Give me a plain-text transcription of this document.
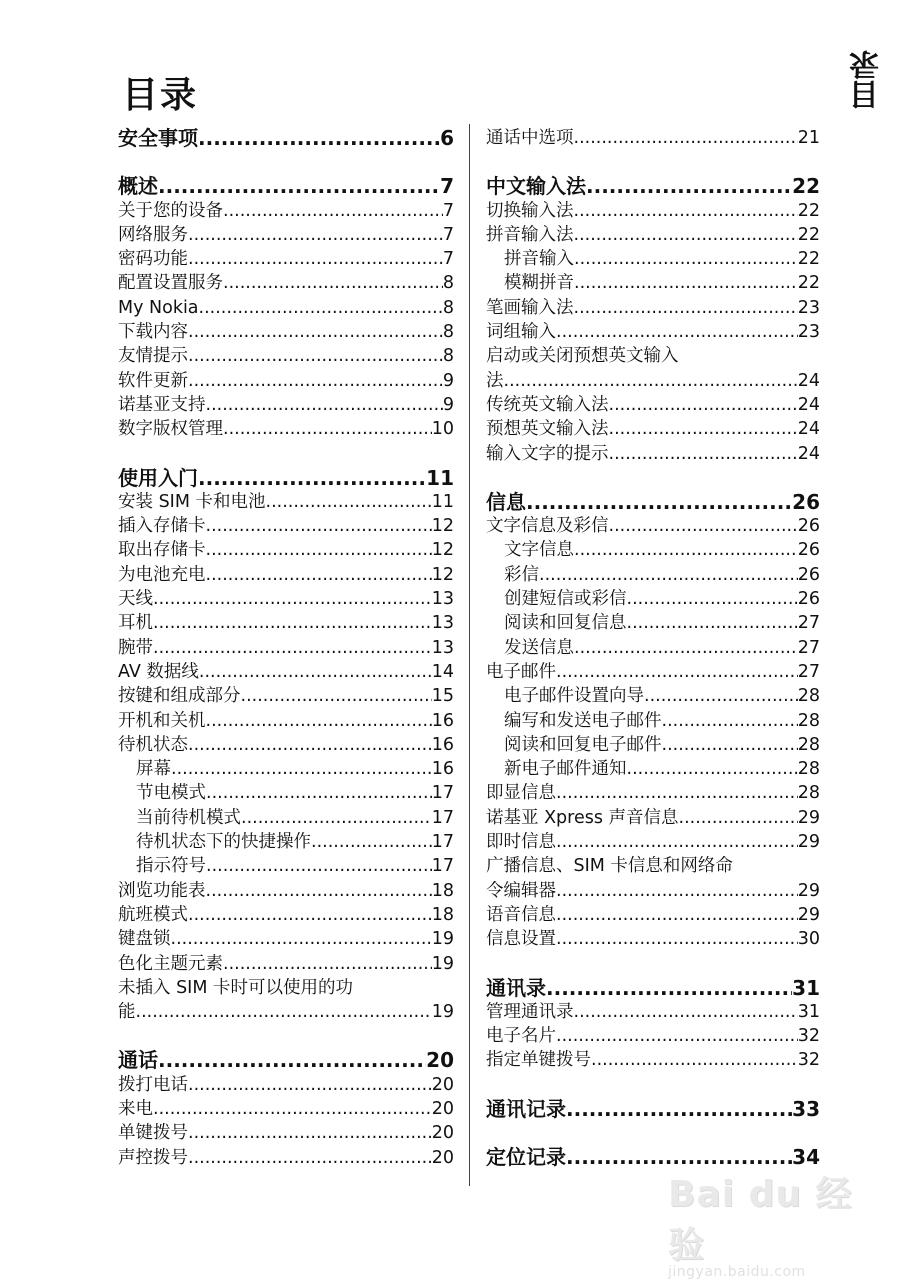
目录	目录
安全事项 .....	6
概述 .....	7
关于您的设备 .....	7
网络服务 .....	7
密码功能 .....	7
配置设置服务 .....	8
My Nokia .....	8
下载内容 .....	8
友情提示 .....	8
软件更新 .....	9
诺基亚支持 .....	9
数字版权管理 .....	10
使用入门 .....	11
安装 SIM 卡和电池 .....	11
插入存储卡 .....	12
取出存储卡 .....	12
为电池充电 .....	12
天线 .....	13
耳机 .....	13
腕带 .....	13
AV 数据线 .....	14
按键和组成部分 .....	15
开机和关机 .....	16
待机状态 .....	16
屏幕 .....	16
节电模式 .....	17
当前待机模式 .....	17
待机状态下的快捷操作 .....	17
指示符号 .....	17
浏览功能表 .....	18
航班模式 .....	18
键盘锁 .....	19
色化主题元素 .....	19
未插入 SIM 卡时可以使用的功
能 .....	19
通话 .....	20
拨打电话 .....	20
来电 .....	20
单键拨号 .....	20
声控拨号 .....	20
通话中选项 .....	21
中文输入法 .....	22
切换输入法 .....	22
拼音输入法 .....	22
拼音输入 .....	22
模糊拼音 .....	22
笔画输入法 .....	23
词组输入 .....	23
启动或关闭预想英文输入
法 .....	24
传统英文输入法 .....	24
预想英文输入法 .....	24
输入文字的提示 .....	24
信息 .....	26
文字信息及彩信 .....	26
文字信息 .....	26
彩信 .....	26
创建短信或彩信 .....	26
阅读和回复信息 .....	27
发送信息 .....	27
电子邮件 .....	27
电子邮件设置向导 .....	28
编写和发送电子邮件 .....	28
阅读和回复电子邮件 .....	28
新电子邮件通知 .....	28
即显信息 .....	28
诺基亚 Xpress 声音信息 .....	29
即时信息 .....	29
广播信息、SIM 卡信息和网络命
令编辑器 .....	29
语音信息 .....	29
信息设置 .....	30
通讯录 .....	31
管理通讯录 .....	31
电子名片 .....	32
指定单键拨号 .....	32
通讯记录 .....	33
定位记录 .....	34
Bai du 经验
jingyan.baidu.com
